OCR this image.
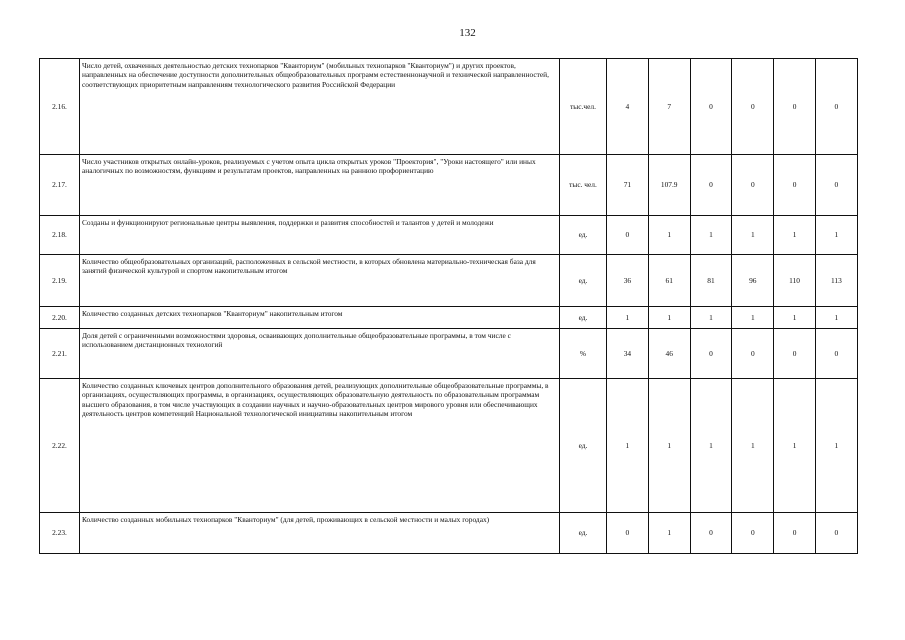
132
2.16.	Число детей, охваченных деятельностью детских технопарков "Кванториум" (мобильных технопарков "Кванториум") и других проектов, направленных на обеспечение доступности дополнительных общеобразовательных программ естественнонаучной и технической направленностей, соответствующих приоритетным направлениям технологического развития Российской Федерации	тыс.чел.	4	7	0	0	0	0
2.17.	Число участников открытых онлайн-уроков, реализуемых с учетом опыта цикла открытых уроков "Проектория", "Уроки настоящего" или иных аналогичных по возможностям, функциям и результатам проектов, направленных на раннюю профориентацию	тыс. чел.	71	107.9	0	0	0	0
2.18.	Созданы и функционируют региональные центры выявления, поддержки и развития способностей и талантов у детей и молодежи	ед.	0	1	1	1	1	1
2.19.	Количество общеобразовательных организаций, расположенных в сельской местности, в которых обновлена материально-техническая база для занятий физической культурой и спортом накопительным итогом	ед.	36	61	81	96	110	113
2.20.	Количество созданных детских технопарков "Кванториум" накопительным итогом	ед.	1	1	1	1	1	1
2.21.	Доля детей с ограниченными возможностями здоровья, осваивающих дополнительные общеобразовательные программы, в том числе с использованием дистанционных технологий	%	34	46	0	0	0	0
2.22.	Количество созданных ключевых центров дополнительного образования детей, реализующих дополнительные общеобразовательные программы, в организациях, осуществляющих программы, в организациях, осуществляющих образовательную деятельность по образовательным программам высшего образования, в том числе участвующих в создании научных и научно-образовательных центров мирового уровня или обеспечивающих деятельность центров компетенций Национальной технологической инициативы накопительным итогом	ед.	1	1	1	1	1	1
2.23.	Количество созданных мобильных технопарков "Кванториум" (для детей, проживающих в сельской местности и малых городах)	ед.	0	1	0	0	0	0
